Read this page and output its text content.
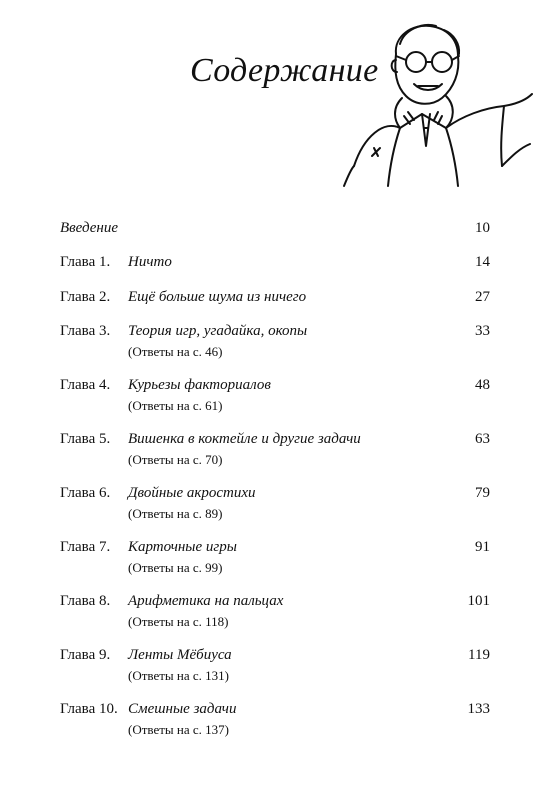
Содержание
Введение	10
Глава 1. Ничто	14
Глава 2. Ещё больше шума из ничего	27
Глава 3. Теория игр, угадайка, окопы	33
(Ответы на с. 46)
Глава 4. Курьезы факториалов	48
(Ответы на с. 61)
Глава 5. Вишенка в коктейле и другие задачи	63
(Ответы на с. 70)
Глава 6. Двойные акростихи	79
(Ответы на с. 89)
Глава 7. Карточные игры	91
(Ответы на с. 99)
Глава 8. Арифметика на пальцах	101
(Ответы на с. 118)
Глава 9. Ленты Мёбиуса	119
(Ответы на с. 131)
Глава 10. Смешные задачи	133
(Ответы на с. 137)
